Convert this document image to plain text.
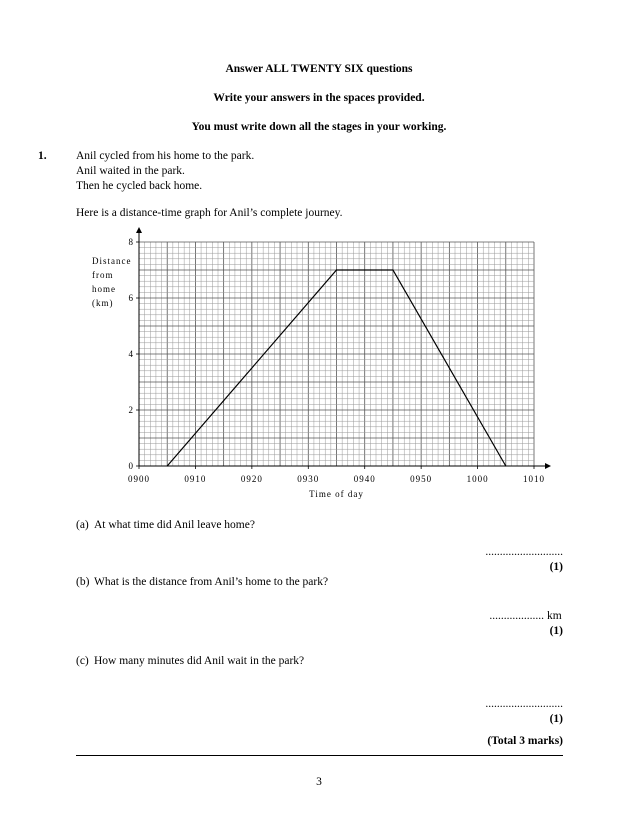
Answer ALL TWENTY SIX questions
Write your answers in the spaces provided.
You must write down all the stages in your working.
1.	Anil cycled from his home to the park.
Anil waited in the park.
Then he cycled back home.
Here is a distance-time graph for Anil’s complete journey.
0900	0910	0920	0930	0940	0950	1000	1010
0
2
4
6
8
Time of day
Distance
from
home
(km)
(a) At what time did Anil leave home?
...........................
(1)
(b) What is the distance from Anil’s home to the park?
................... km
(1)
(c) How many minutes did Anil wait in the park?
...........................
(1)
(Total 3 marks)
3
